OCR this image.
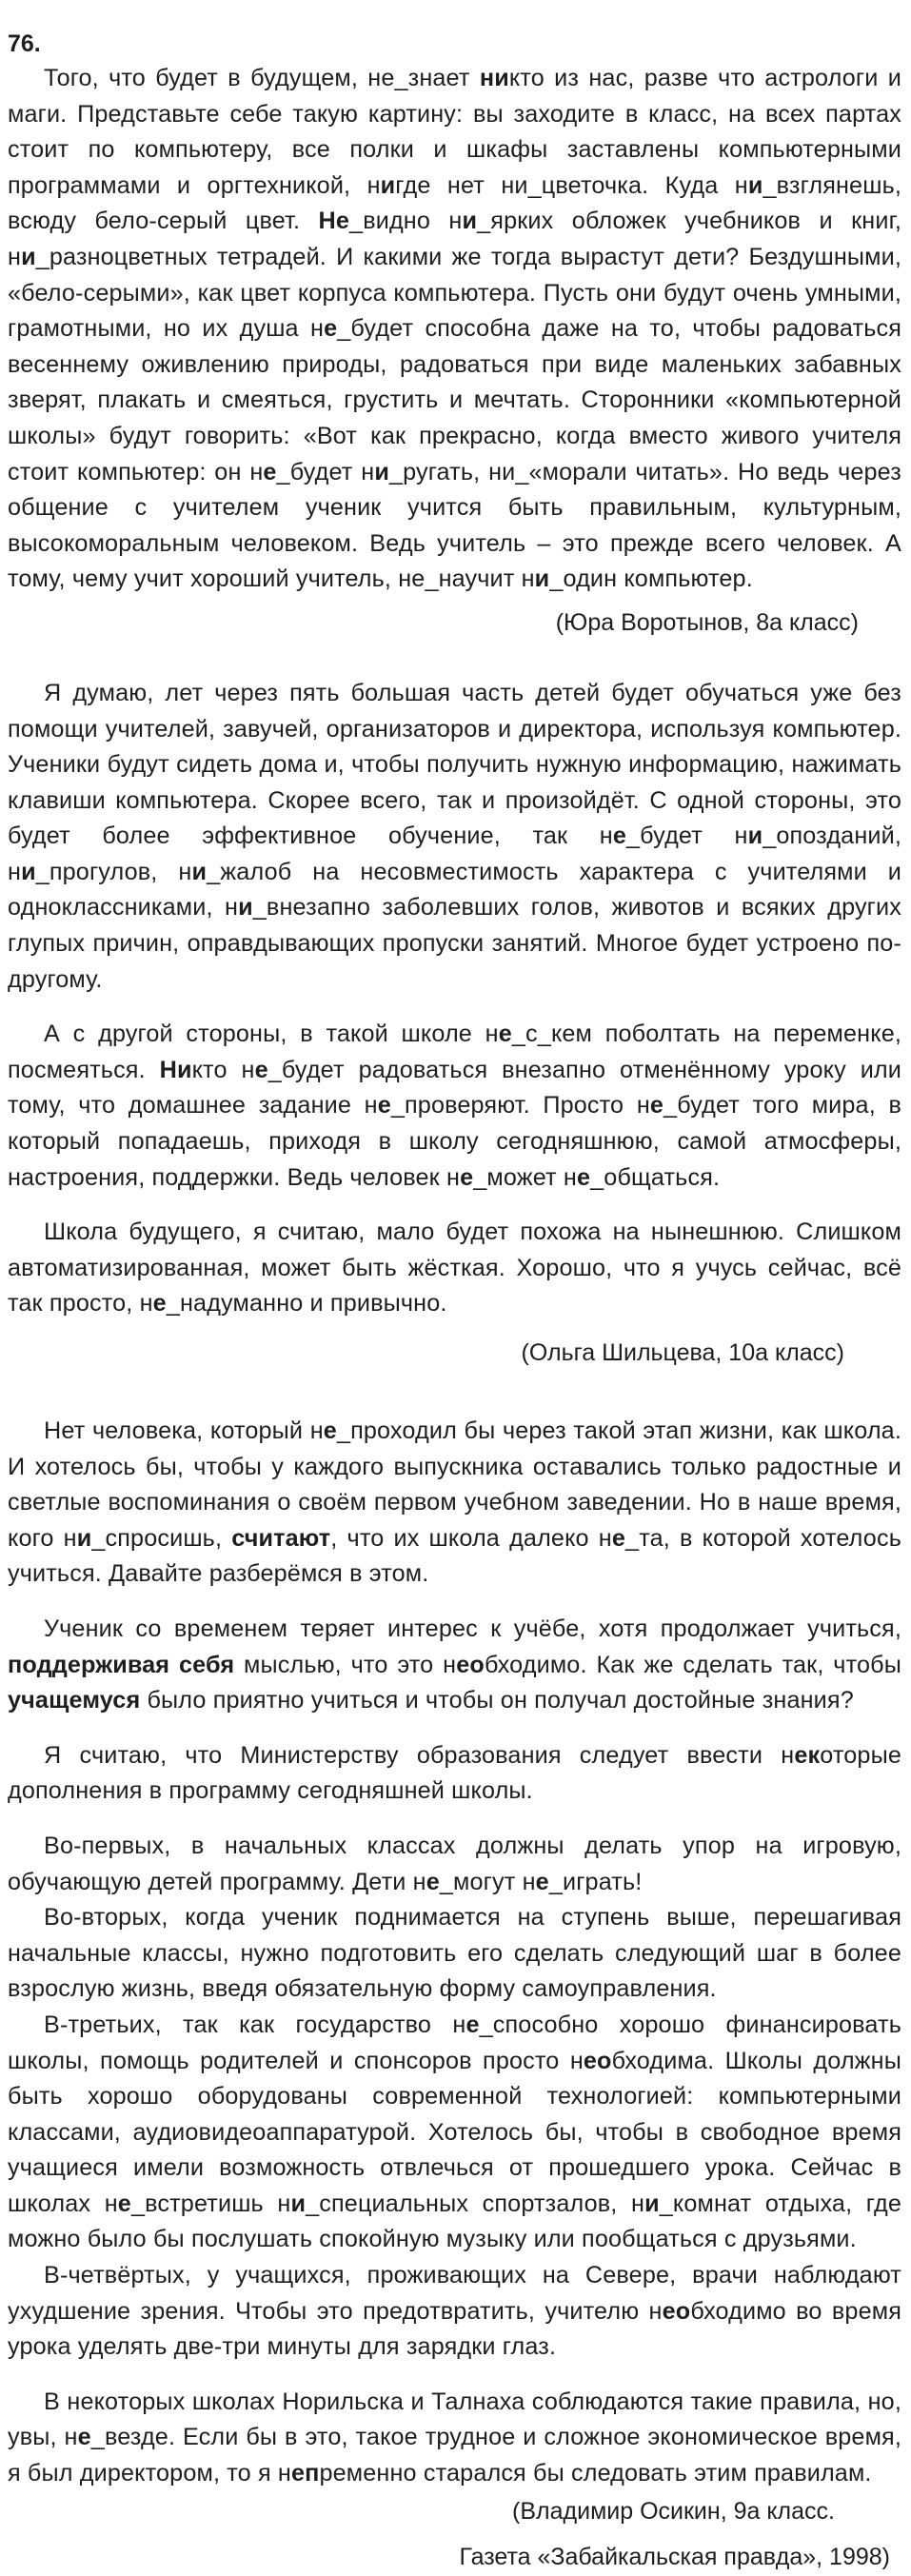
76.

Того, что будет в будущем, не_знает никто из нас, разве что астрологи и маги. Представьте себе такую картину: вы заходите в класс, на всех партах стоит по компьютеру, все полки и шкафы заставлены компьютерными программами и оргтехникой, нигде нет ни_цветочка. Куда ни_взглянешь, всюду бело-серый цвет. Не_видно ни_ярких обложек учебников и книг, ни_разноцветных тетрадей. И какими же тогда вырастут дети? Бездушными, «бело-серыми», как цвет корпуса компьютера. Пусть они будут очень умными, грамотными, но их душа не_будет способна даже на то, чтобы радоваться весеннему оживлению природы, радоваться при виде маленьких забавных зверят, плакать и смеяться, грустить и мечтать. Сторонники «компьютерной школы» будут говорить: «Вот как прекрасно, когда вместо живого учителя стоит компьютер: он не_будет ни_ругать, ни_«морали читать». Но ведь через общение с учителем ученик учится быть правильным, культурным, высокоморальным человеком. Ведь учитель – это прежде всего человек. А тому, чему учит хороший учитель, не_научит ни_один компьютер.

(Юра Воротынов, 8а класс)

Я думаю, лет через пять большая часть детей будет обучаться уже без помощи учителей, завучей, организаторов и директора, используя компьютер. Ученики будут сидеть дома и, чтобы получить нужную информацию, нажимать клавиши компьютера. Скорее всего, так и произойдёт. С одной стороны, это будет более эффективное обучение, так не_будет ни_опозданий, ни_прогулов, ни_жалоб на несовместимость характера с учителями и одноклассниками, ни_внезапно заболевших голов, животов и всяких других глупых причин, оправдывающих пропуски занятий. Многое будет устроено по-другому.

А с другой стороны, в такой школе не_с_кем поболтать на переменке, посмеяться. Никто не_будет радоваться внезапно отменённому уроку или тому, что домашнее задание не_проверяют. Просто не_будет того мира, в который попадаешь, приходя в школу сегодняшнюю, самой атмосферы, настроения, поддержки. Ведь человек не_может не_общаться.

Школа будущего, я считаю, мало будет похожа на нынешнюю. Слишком автоматизированная, может быть жёсткая. Хорошо, что я учусь сейчас, всё так просто, не_надуманно и привычно.

(Ольга Шильцева, 10а класс)

Нет человека, который не_проходил бы через такой этап жизни, как школа. И хотелось бы, чтобы у каждого выпускника оставались только радостные и светлые воспоминания о своём первом учебном заведении. Но в наше время, кого ни_спросишь, считают, что их школа далеко не_та, в которой хотелось учиться. Давайте разберёмся в этом.

Ученик со временем теряет интерес к учёбе, хотя продолжает учиться, поддерживая себя мыслью, что это необходимо. Как же сделать так, чтобы учащемуся было приятно учиться и чтобы он получал достойные знания?

Я считаю, что Министерству образования следует ввести некоторые дополнения в программу сегодняшней школы.

Во-первых, в начальных классах должны делать упор на игровую, обучающую детей программу. Дети не_могут не_играть!

Во-вторых, когда ученик поднимается на ступень выше, перешагивая начальные классы, нужно подготовить его сделать следующий шаг в более взрослую жизнь, введя обязательную форму самоуправления.

В-третьих, так как государство не_способно хорошо финансировать школы, помощь родителей и спонсоров просто необходима. Школы должны быть хорошо оборудованы современной технологией: компьютерными классами, аудиовидеоаппаратурой. Хотелось бы, чтобы в свободное время учащиеся имели возможность отвлечься от прошедшего урока. Сейчас в школах не_встретишь ни_специальных спортзалов, ни_комнат отдыха, где можно было бы послушать спокойную музыку или пообщаться с друзьями.

В-четвёртых, у учащихся, проживающих на Севере, врачи наблюдают ухудшение зрения. Чтобы это предотвратить, учителю необходимо во время урока уделять две-три минуты для зарядки глаз.

В некоторых школах Норильска и Талнаха соблюдаются такие правила, но, увы, не_везде. Если бы в это, такое трудное и сложное экономическое время, я был директором, то я непременно старался бы следовать этим правилам.

(Владимир Осикин, 9а класс.
Газета «Забайкальская правда», 1998)
